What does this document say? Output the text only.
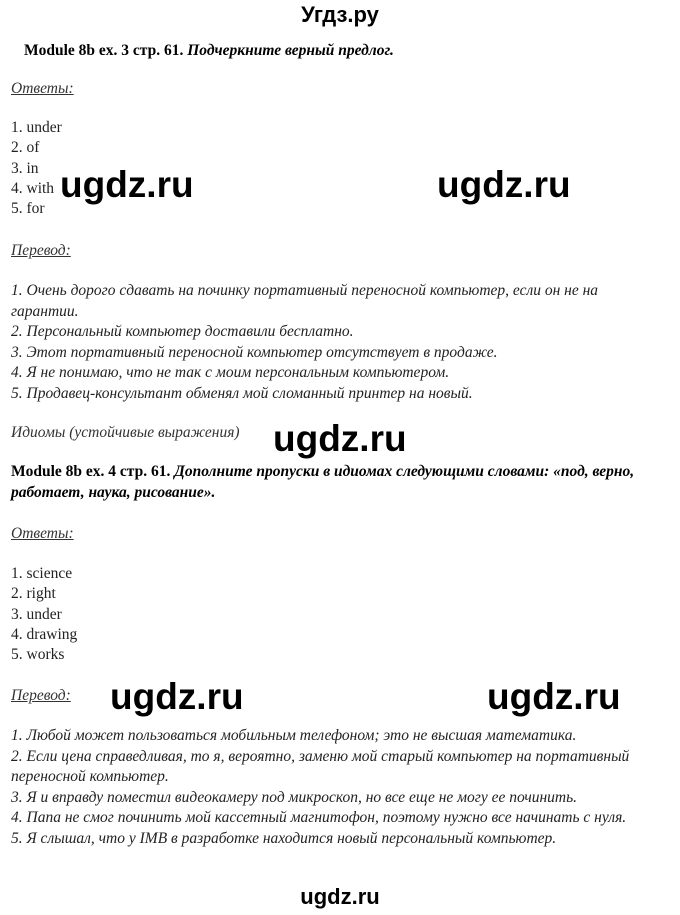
Угдз.ру
Module 8b ex. 3 стр. 61. Подчеркните верный предлог.
Ответы:
1. under
2. of
3. in
4. with
5. for
Перевод:
1. Очень дорого сдавать на починку портативный переносной компьютер, если он не на гарантии.
2. Персональный компьютер доставили бесплатно.
3. Этот портативный переносной компьютер отсутствует в продаже.
4. Я не понимаю, что не так с моим персональным компьютером.
5. Продавец-консультант обменял мой сломанный принтер на новый.
Идиомы (устойчивые выражения)
Module 8b ex. 4 стр. 61. Дополните пропуски в идиомах следующими словами: «под, верно, работает, наука, рисование».
Ответы:
1. science
2. right
3. under
4. drawing
5. works
Перевод:
1. Любой может пользоваться мобильным телефоном; это не высшая математика.
2. Если цена справедливая, то я, вероятно, заменю мой старый компьютер на портативный переносной компьютер.
3. Я и вправду поместил видеокамеру под микроскоп, но все еще не могу ее починить.
4. Папа не смог починить мой кассетный магнитофон, поэтому нужно все начинать с нуля.
5. Я слышал, что у IMB в разработке находится новый персональный компьютер.
ugdz.ru	ugdz.ru
ugdz.ru
ugdz.ru	ugdz.ru
ugdz.ru
